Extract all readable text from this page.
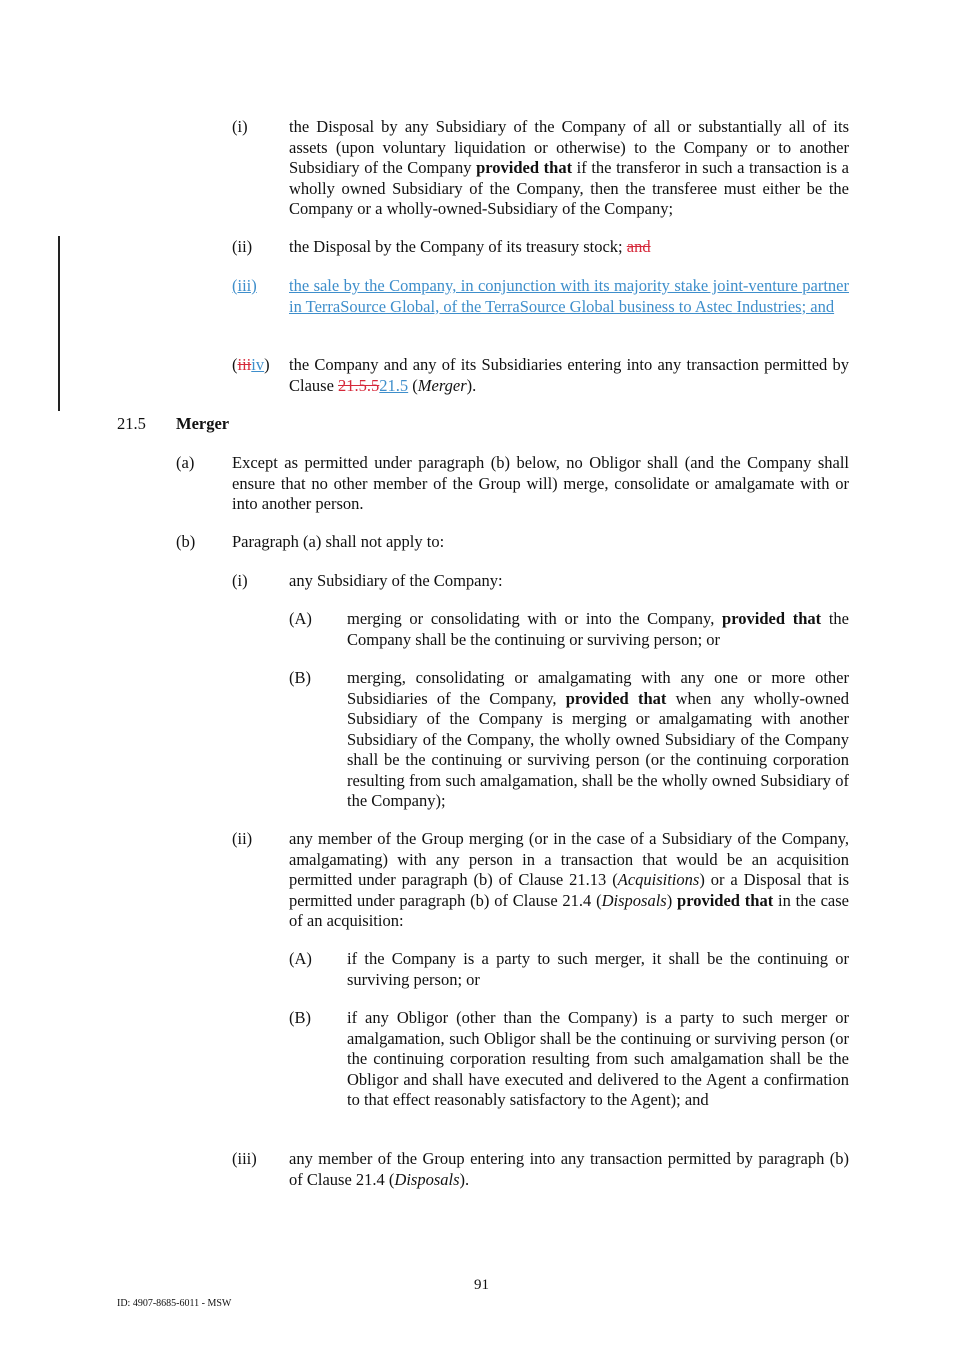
(i)	the Disposal by any Subsidiary of the Company of all or substantially all of its assets (upon voluntary liquidation or otherwise) to the Company or to another Subsidiary of the Company provided that if the transferor in such a transaction is a wholly owned Subsidiary of the Company, then the transferee must either be the Company or a wholly-owned-Subsidiary of the Company;
(ii) the Disposal by the Company of its treasury stock; and
(iii) the sale by the Company, in conjunction with its majority stake joint-venture partner in TerraSource Global, of the TerraSource Global business to Astec Industries; and
(iiiiv) the Company and any of its Subsidiaries entering into any transaction permitted by Clause 21.5.521.5 (Merger).
21.5 Merger
(a) Except as permitted under paragraph (b) below, no Obligor shall (and the Company shall ensure that no other member of the Group will) merge, consolidate or amalgamate with or into another person.
(b) Paragraph (a) shall not apply to:
(i)	any Subsidiary of the Company:
(A) merging or consolidating with or into the Company, provided that the Company shall be the continuing or surviving person; or
(B) merging, consolidating or amalgamating with any one or more other Subsidiaries of the Company, provided that when any wholly-owned Subsidiary of the Company is merging or amalgamating with another Subsidiary of the Company, the wholly owned Subsidiary of the Company shall be the continuing or surviving person (or the continuing corporation resulting from such amalgamation, shall be the wholly owned Subsidiary of the Company);
(ii) any member of the Group merging (or in the case of a Subsidiary of the Company, amalgamating) with any person in a transaction that would be an acquisition permitted under paragraph (b) of Clause 21.13 (Acquisitions) or a Disposal that is permitted under paragraph (b) of Clause 21.4 (Disposals) provided that in the case of an acquisition:
(A) if the Company is a party to such merger, it shall be the continuing or surviving person; or
(B) if any Obligor (other than the Company) is a party to such merger or amalgamation, such Obligor shall be the continuing or surviving person (or the continuing corporation resulting from such amalgamation shall be the Obligor and shall have executed and delivered to the Agent a confirmation to that effect reasonably satisfactory to the Agent); and
(iii) any member of the Group entering into any transaction permitted by paragraph (b) of Clause 21.4 (Disposals).
91
ID: 4907-8685-6011 - MSW
